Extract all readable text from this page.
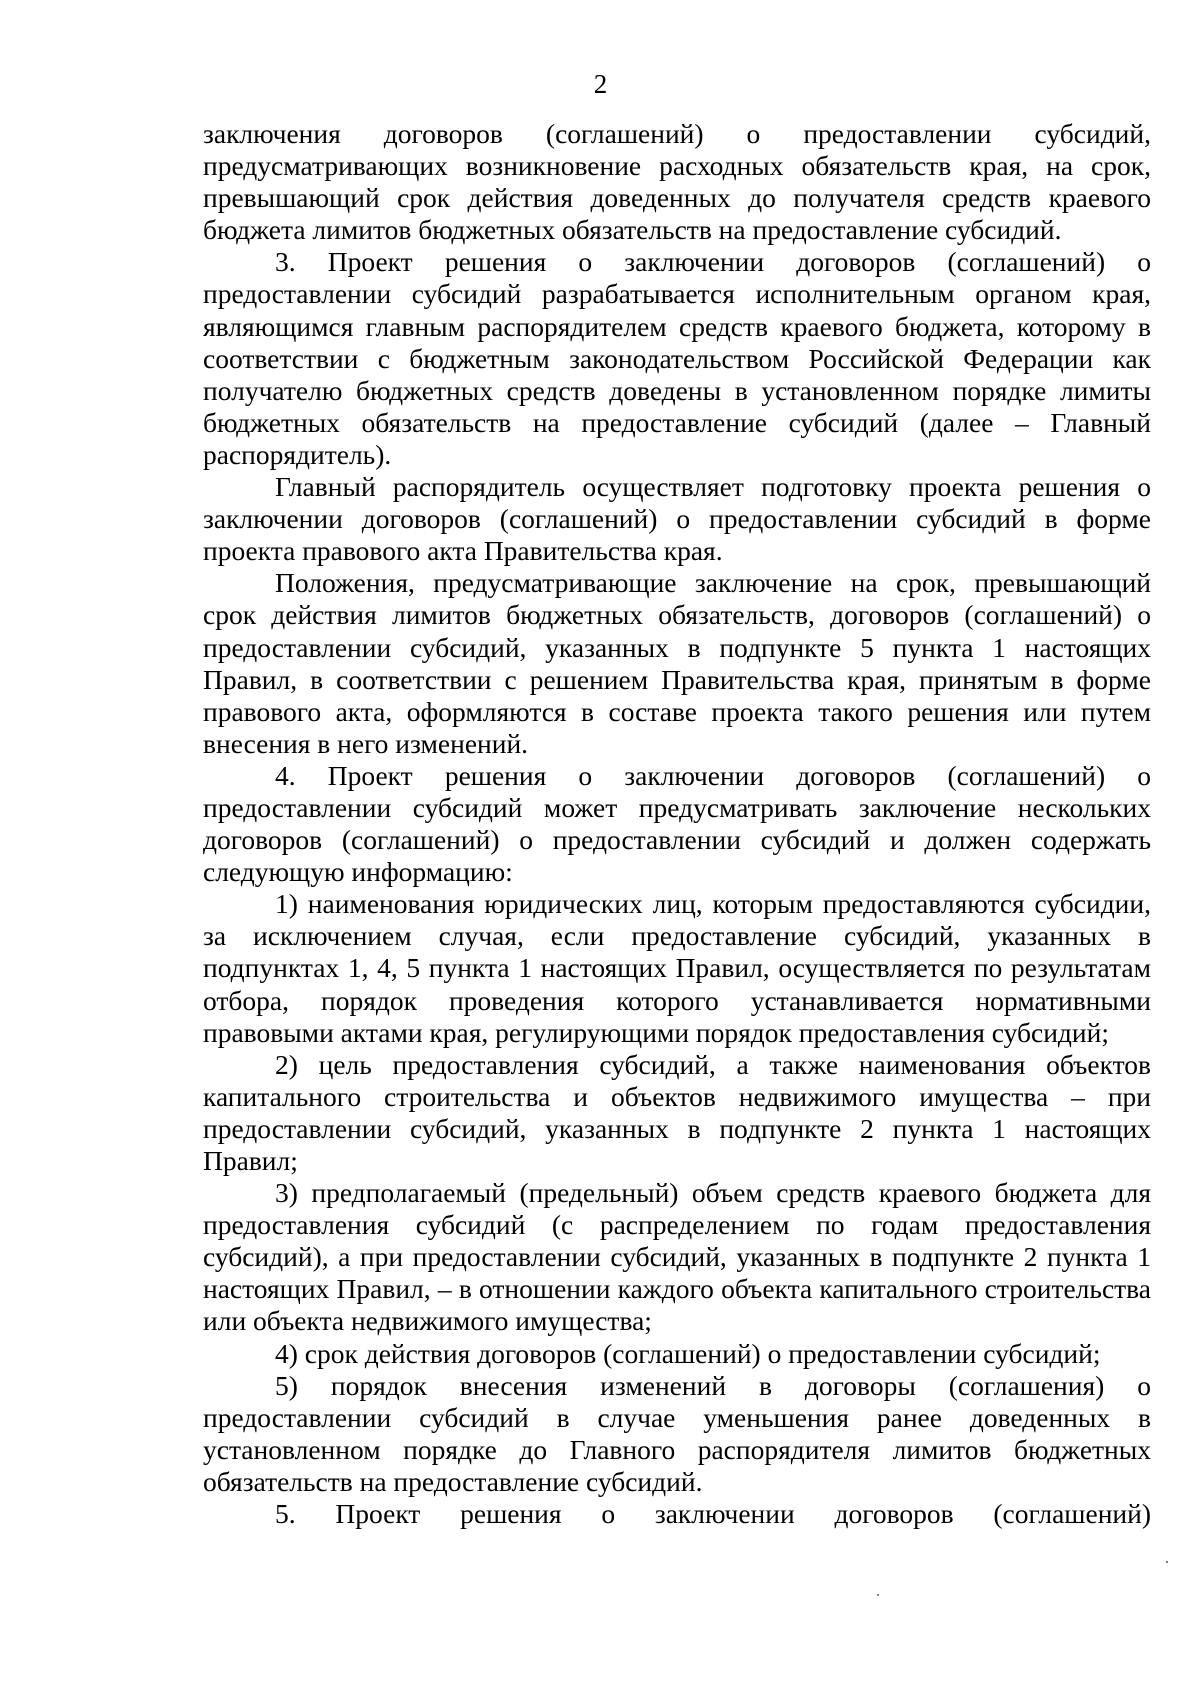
2

заключения договоров (соглашений) о предоставлении субсидий, предусматривающих возникновение расходных обязательств края, на срок, превышающий срок действия доведенных до получателя средств краевого бюджета лимитов бюджетных обязательств на предоставление субсидий.

3. Проект решения о заключении договоров (соглашений) о предоставлении субсидий разрабатывается исполнительным органом края, являющимся главным распорядителем средств краевого бюджета, которому в соответствии с бюджетным законодательством Российской Федерации как получателю бюджетных средств доведены в установленном порядке лимиты бюджетных обязательств на предоставление субсидий (далее – Главный распорядитель).

Главный распорядитель осуществляет подготовку проекта решения о заключении договоров (соглашений) о предоставлении субсидий в форме проекта правового акта Правительства края.

Положения, предусматривающие заключение на срок, превышающий срок действия лимитов бюджетных обязательств, договоров (соглашений) о предоставлении субсидий, указанных в подпункте 5 пункта 1 настоящих Правил, в соответствии с решением Правительства края, принятым в форме правового акта, оформляются в составе проекта такого решения или путем внесения в него изменений.

4. Проект решения о заключении договоров (соглашений) о предоставлении субсидий может предусматривать заключение нескольких договоров (соглашений) о предоставлении субсидий и должен содержать следующую информацию:

1) наименования юридических лиц, которым предоставляются субсидии, за исключением случая, если предоставление субсидий, указанных в подпунктах 1, 4, 5 пункта 1 настоящих Правил, осуществляется по результатам отбора, порядок проведения которого устанавливается нормативными правовыми актами края, регулирующими порядок предоставления субсидий;

2) цель предоставления субсидий, а также наименования объектов капитального строительства и объектов недвижимого имущества – при предоставлении субсидий, указанных в подпункте 2 пункта 1 настоящих Правил;

3) предполагаемый (предельный) объем средств краевого бюджета для предоставления субсидий (с распределением по годам предоставления субсидий), а при предоставлении субсидий, указанных в подпункте 2 пункта 1 настоящих Правил, – в отношении каждого объекта капитального строительства или объекта недвижимого имущества;

4) срок действия договоров (соглашений) о предоставлении субсидий;

5) порядок внесения изменений в договоры (соглашения) о предоставлении субсидий в случае уменьшения ранее доведенных в установленном порядке до Главного распорядителя лимитов бюджетных обязательств на предоставление субсидий.

5. Проект решения о заключении договоров (соглашений)
